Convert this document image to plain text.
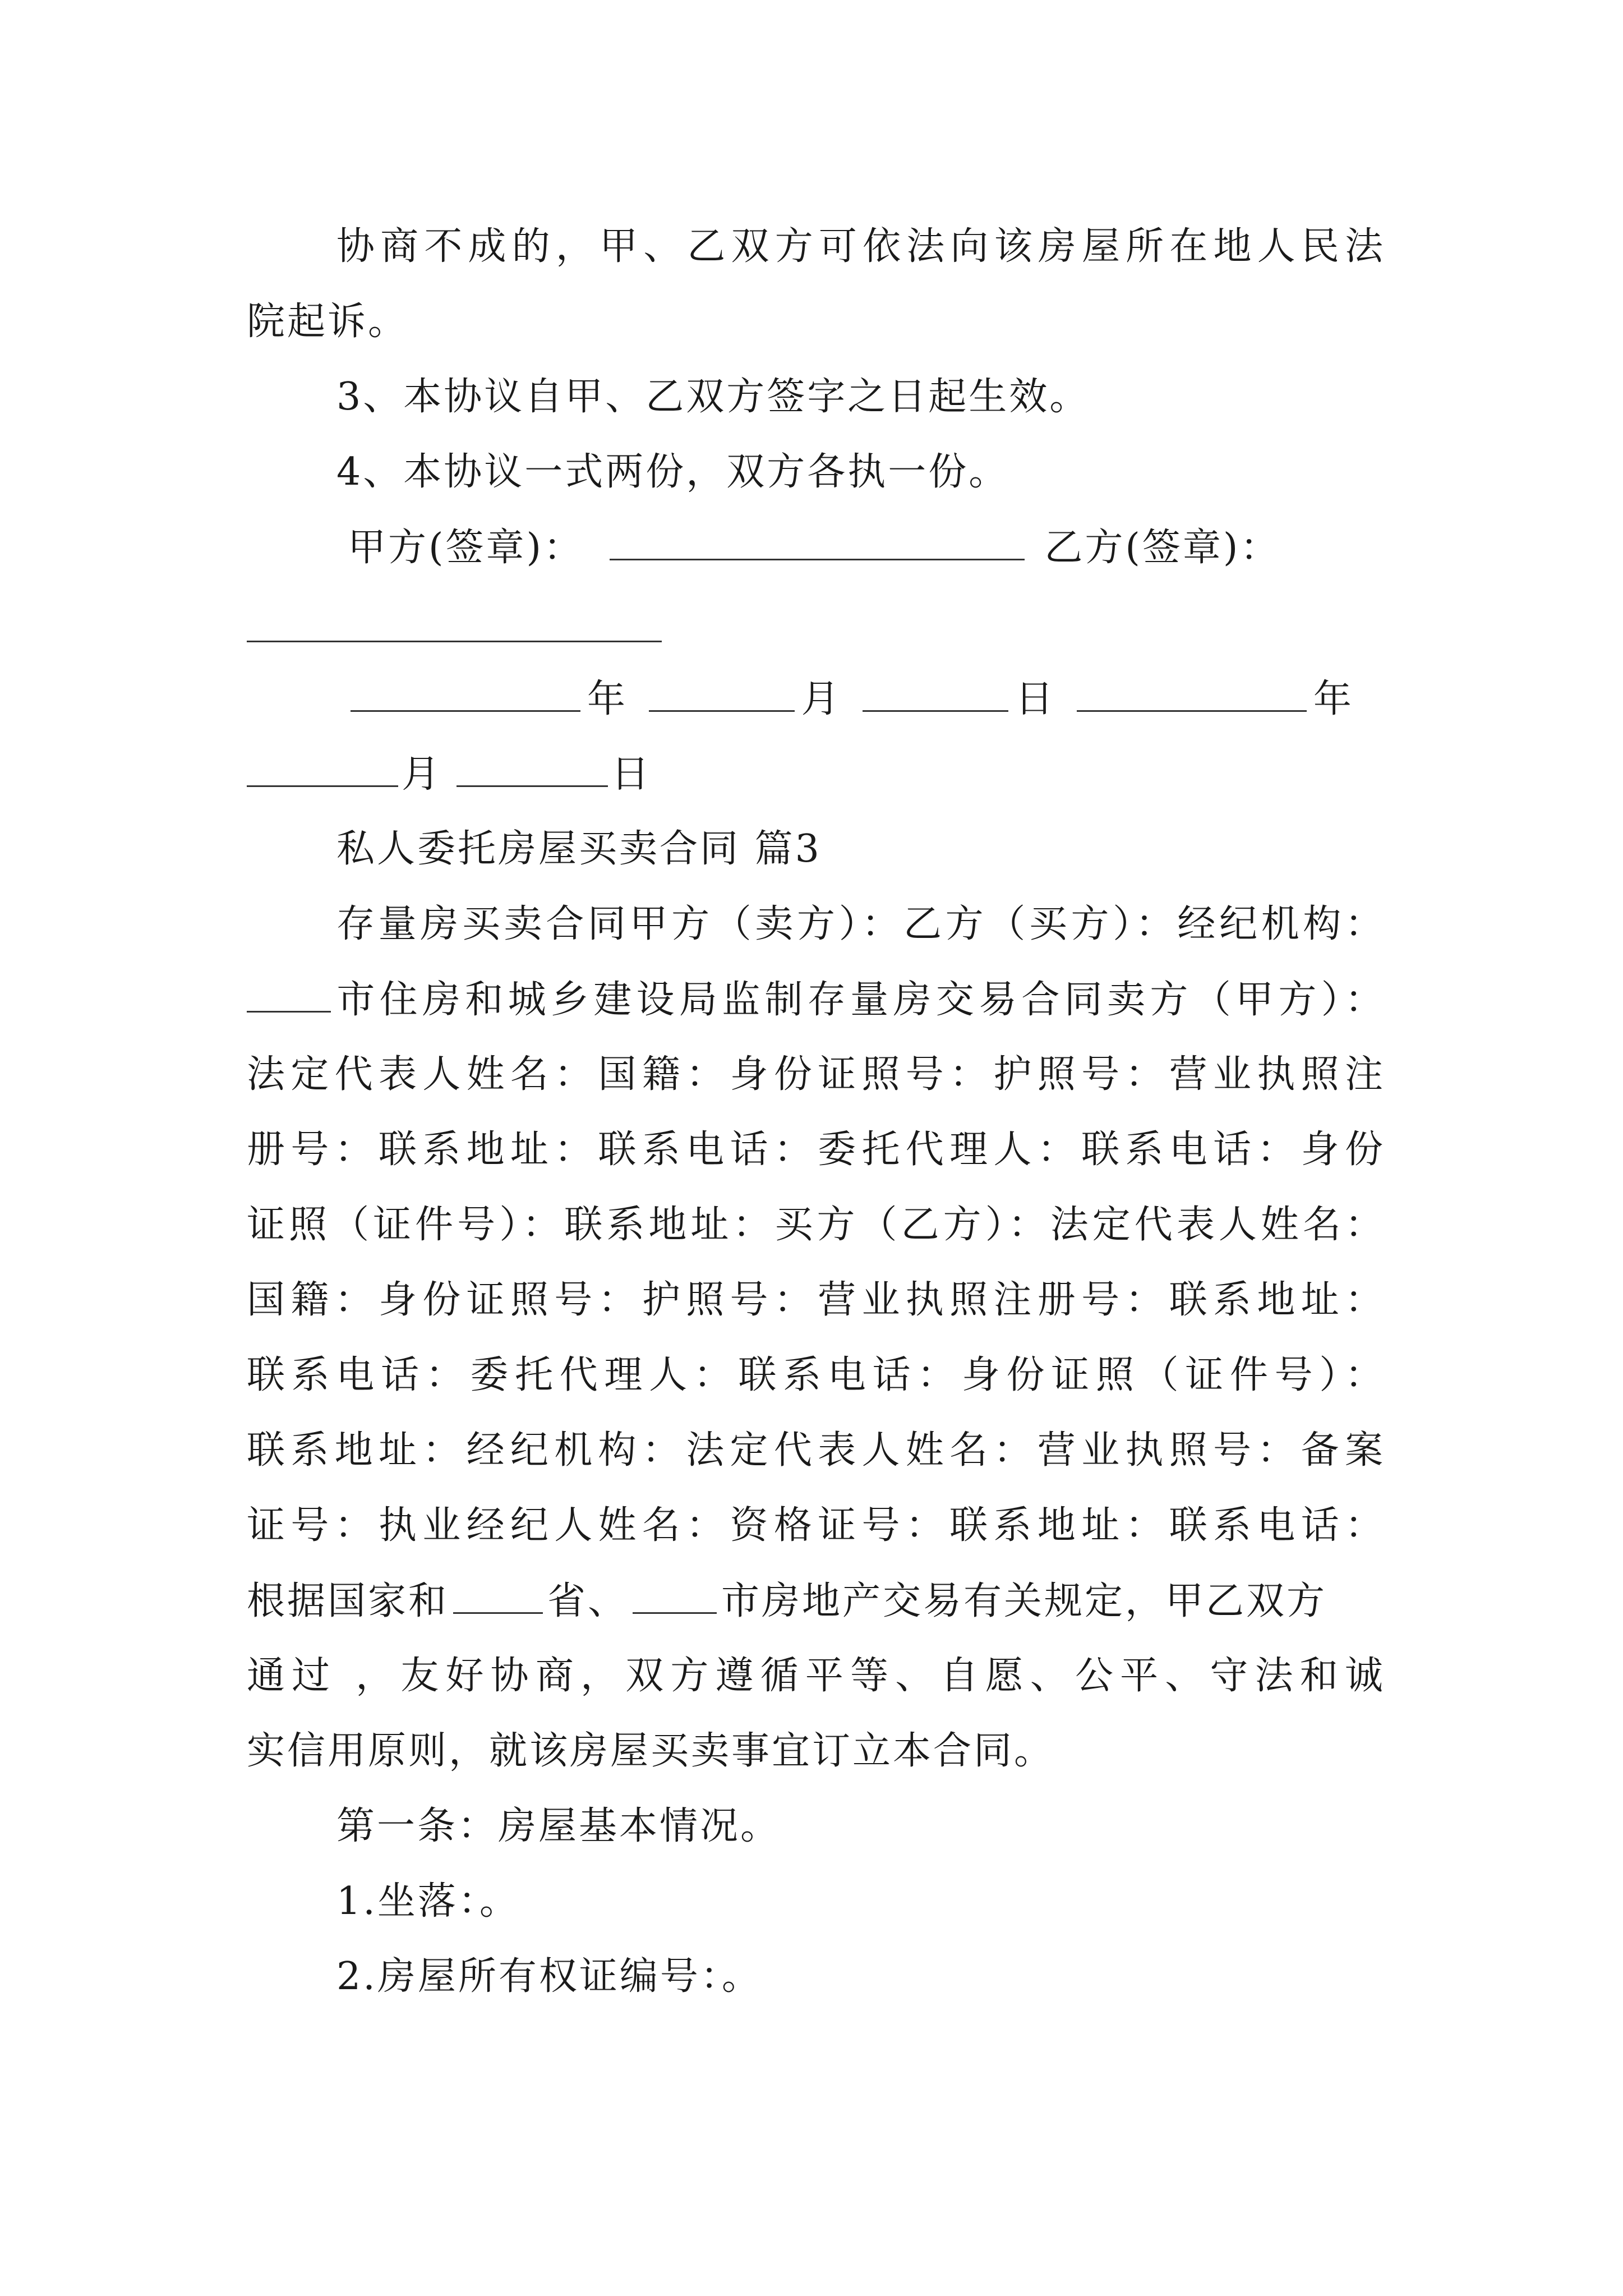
协商不成的，甲、乙双方可依法向该房屋所在地人民法
院起诉。
3、本协议自甲、乙双方签字之日起生效。
4、本协议一式两份，双方各执一份。
甲方(签章)：	乙方(签章)：
年	月	日	年
月	日
私人委托房屋买卖合同 篇3
存量房买卖合同甲方（卖方）：乙方（买方）：经纪机构：
市住房和城乡建设局监制存量房交易合同卖方（甲方）：
法定代表人姓名：国籍：身份证照号：护照号：营业执照注
册号：联系地址：联系电话：委托代理人：联系电话：身份
证照（证件号）：联系地址：买方（乙方）：法定代表人姓名：
国籍：身份证照号：护照号：营业执照注册号：联系地址：
联系电话：委托代理人：联系电话：身份证照（证件号）：
联系地址：经纪机构：法定代表人姓名：营业执照号：备案
证号：执业经纪人姓名：资格证号：联系地址：联系电话：
根据国家和	省、 市房地产交易有关规定，甲乙双方
通过 ，友好协商，双方遵循平等、自愿、公平、守法和诚
实信用原则，就该房屋买卖事宜订立本合同。
第一条：房屋基本情况。
1.坐落：。
2.房屋所有权证编号：。
